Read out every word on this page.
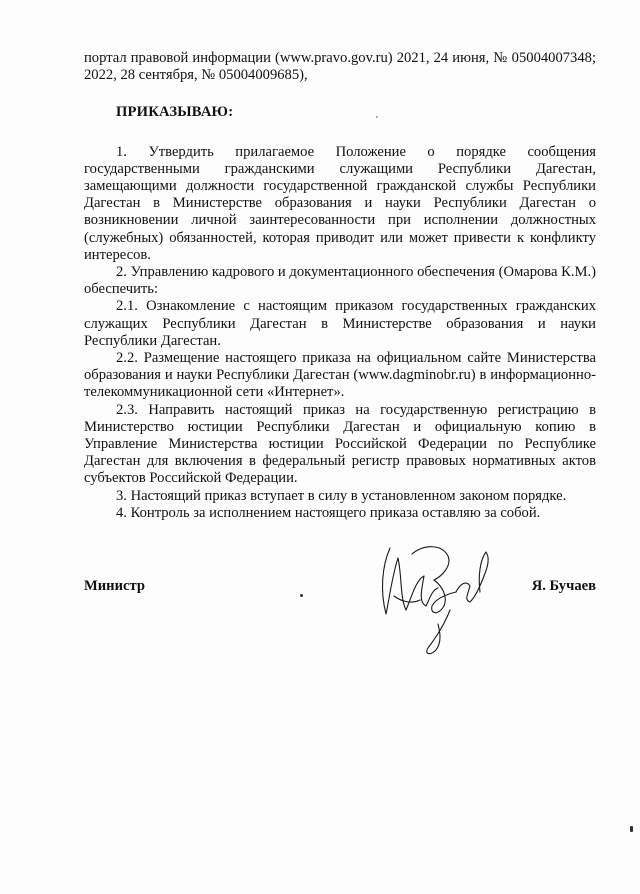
портал правовой информации (www.pravo.gov.ru) 2021, 24 июня, № 05004007348; 2022, 28 сентября, № 05004009685),

ПРИКАЗЫВАЮ:

1. Утвердить прилагаемое Положение о порядке сообщения государственными гражданскими служащими Республики Дагестан, замещающими должности государственной гражданской службы Республики Дагестан в Министерстве образования и науки Республики Дагестан о возникновении личной заинтересованности при исполнении должностных (служебных) обязанностей, которая приводит или может привести к конфликту интересов.

2. Управлению кадрового и документационного обеспечения (Омарова К.М.) обеспечить:

2.1. Ознакомление с настоящим приказом государственных гражданских служащих Республики Дагестан в Министерстве образования и науки Республики Дагестан.

2.2. Размещение настоящего приказа на официальном сайте Министерства образования и науки Республики Дагестан (www.dagminobr.ru) в информационно-телекоммуникационной сети «Интернет».

2.3. Направить настоящий приказ на государственную регистрацию в Министерство юстиции Республики Дагестан и официальную копию в Управление Министерства юстиции Российской Федерации по Республике Дагестан для включения в федеральный регистр правовых нормативных актов субъектов Российской Федерации.

3. Настоящий приказ вступает в силу в установленном законом порядке.

4. Контроль за исполнением настоящего приказа оставляю за собой.

Министр	Я. Бучаев
